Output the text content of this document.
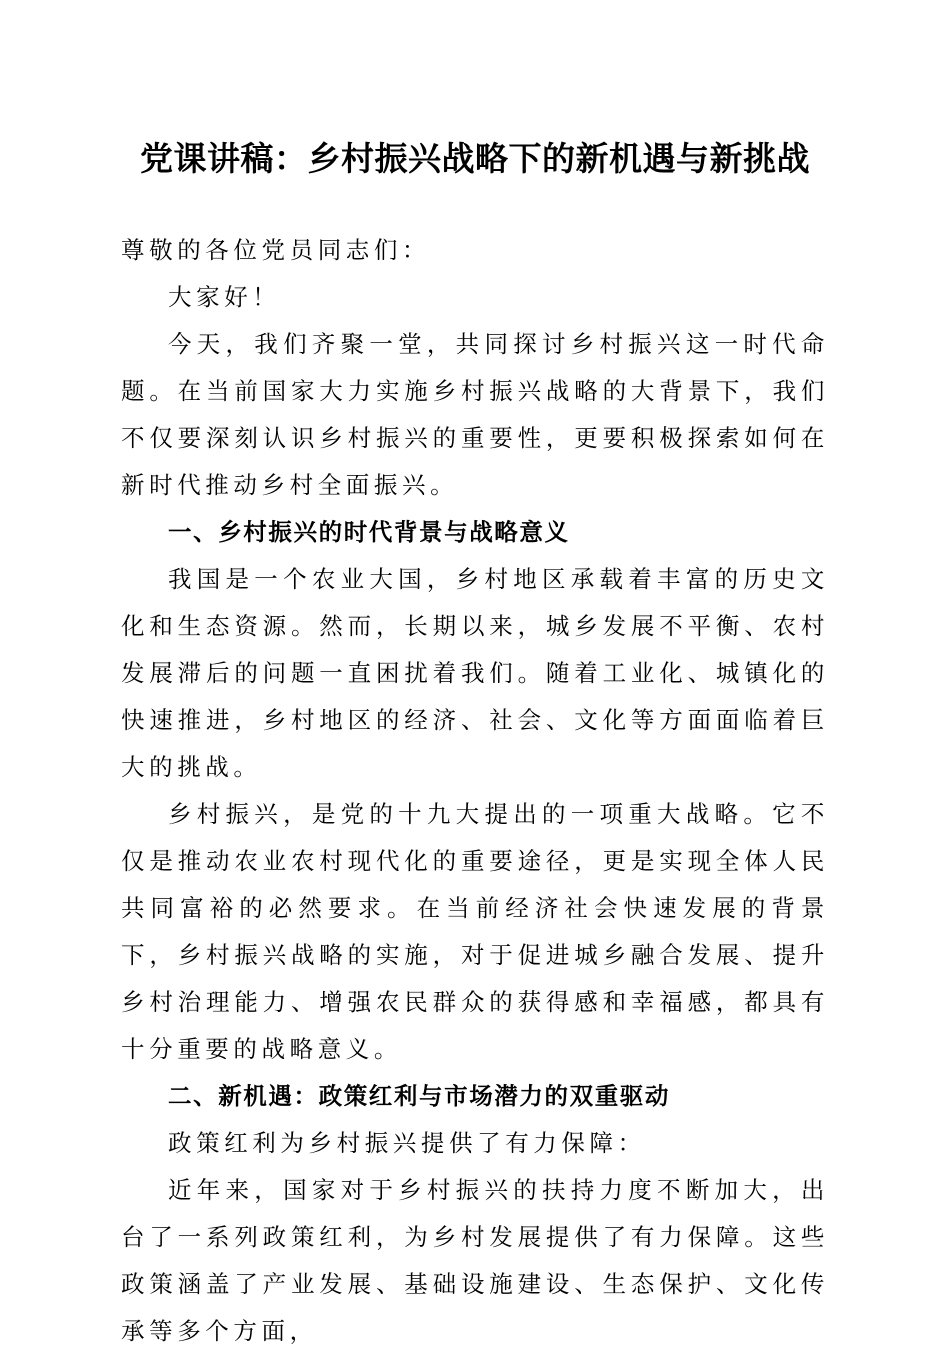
党课讲稿：乡村振兴战略下的新机遇与新挑战

尊敬的各位党员同志们：

大家好！

今天，我们齐聚一堂，共同探讨乡村振兴这一时代命题。在当前国家大力实施乡村振兴战略的大背景下，我们不仅要深刻认识乡村振兴的重要性，更要积极探索如何在新时代推动乡村全面振兴。

一、乡村振兴的时代背景与战略意义

我国是一个农业大国，乡村地区承载着丰富的历史文化和生态资源。然而，长期以来，城乡发展不平衡、农村发展滞后的问题一直困扰着我们。随着工业化、城镇化的快速推进，乡村地区的经济、社会、文化等方面面临着巨大的挑战。

乡村振兴，是党的十九大提出的一项重大战略。它不仅是推动农业农村现代化的重要途径，更是实现全体人民共同富裕的必然要求。在当前经济社会快速发展的背景下，乡村振兴战略的实施，对于促进城乡融合发展、提升乡村治理能力、增强农民群众的获得感和幸福感，都具有十分重要的战略意义。

二、新机遇：政策红利与市场潜力的双重驱动

政策红利为乡村振兴提供了有力保障：

近年来，国家对于乡村振兴的扶持力度不断加大，出台了一系列政策红利，为乡村发展提供了有力保障。这些政策涵盖了产业发展、基础设施建设、生态保护、文化传承等多个方面，
